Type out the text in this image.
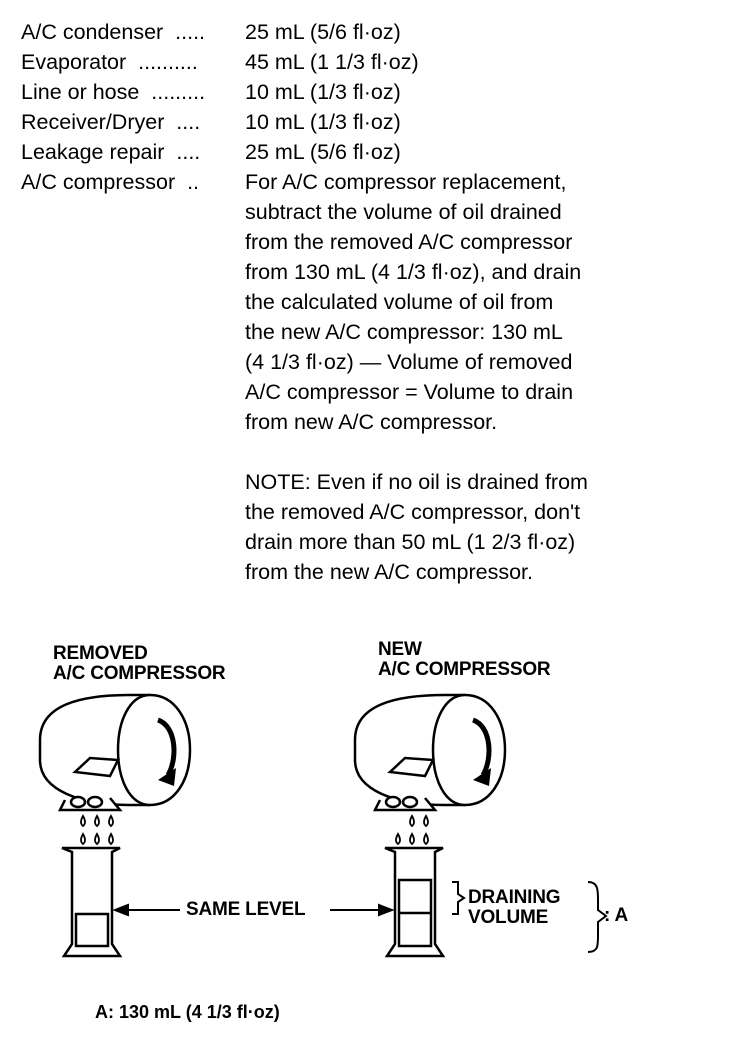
A/C condenser  .....	25 mL (5/6 fl·oz)
Evaporator  ..........	45 mL (1 1/3 fl·oz)
Line or hose  .........	10 mL (1/3 fl·oz)
Receiver/Dryer  ....	10 mL (1/3 fl·oz)
Leakage repair  ....	25 mL (5/6 fl·oz)
A/C compressor  ..	For A/C compressor replacement,
subtract the volume of oil drained
from the removed A/C compressor
from 130 mL (4 1/3 fl·oz), and drain
the calculated volume of oil from
the new A/C compressor: 130 mL
(4 1/3 fl·oz) — Volume of removed
A/C compressor = Volume to drain
from new A/C compressor.
NOTE: Even if no oil is drained from
the removed A/C compressor, don't
drain more than 50 mL (1 2/3 fl·oz)
from the new A/C compressor.
REMOVED
A/C COMPRESSOR
NEW
A/C COMPRESSOR
SAME LEVEL
DRAINING
VOLUME	: A
A: 130 mL (4 1/3 fl·oz)
